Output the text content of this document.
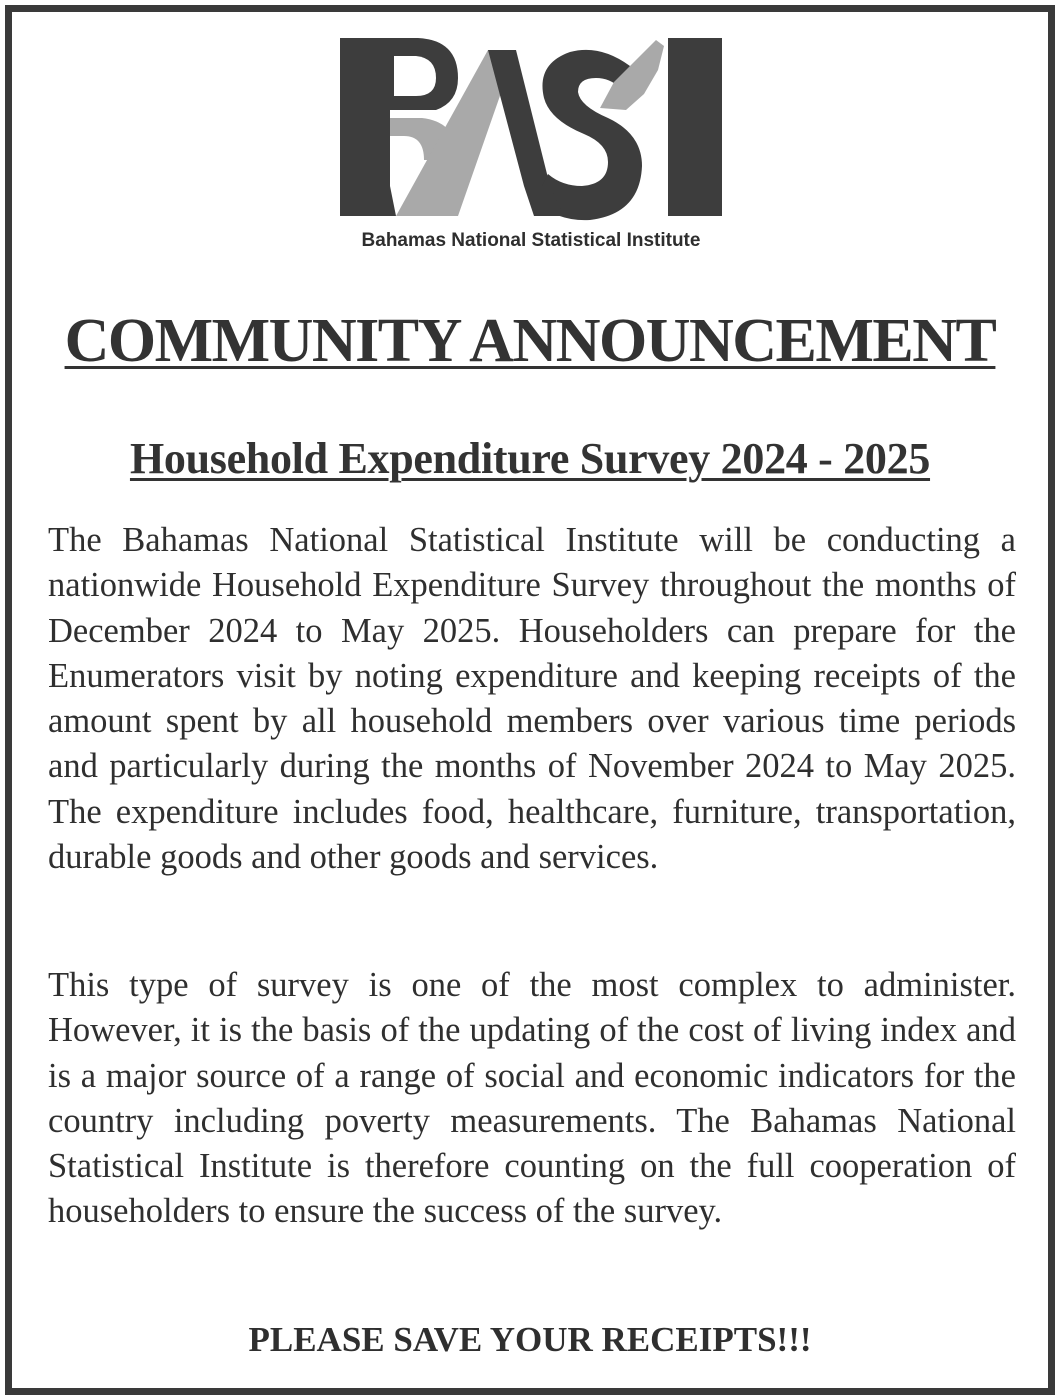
Bahamas National Statistical Institute
COMMUNITY ANNOUNCEMENT
Household Expenditure Survey 2024 - 2025

The Bahamas National Statistical Institute will be conducting a nationwide Household Expenditure Survey throughout the months of December 2024 to May 2025. Householders can prepare for the Enumerators visit by noting expenditure and keeping receipts of the amount spent by all household members over various time periods and particularly during the months of November 2024 to May 2025. The expenditure includes food, healthcare, furniture, transportation, durable goods and other goods and services.

This type of survey is one of the most complex to administer. However, it is the basis of the updating of the cost of living index and is a major source of a range of social and economic indicators for the country including poverty measurements. The Bahamas National Statistical Institute is therefore counting on the full cooperation of householders to ensure the success of the survey.

PLEASE SAVE YOUR RECEIPTS!!!
